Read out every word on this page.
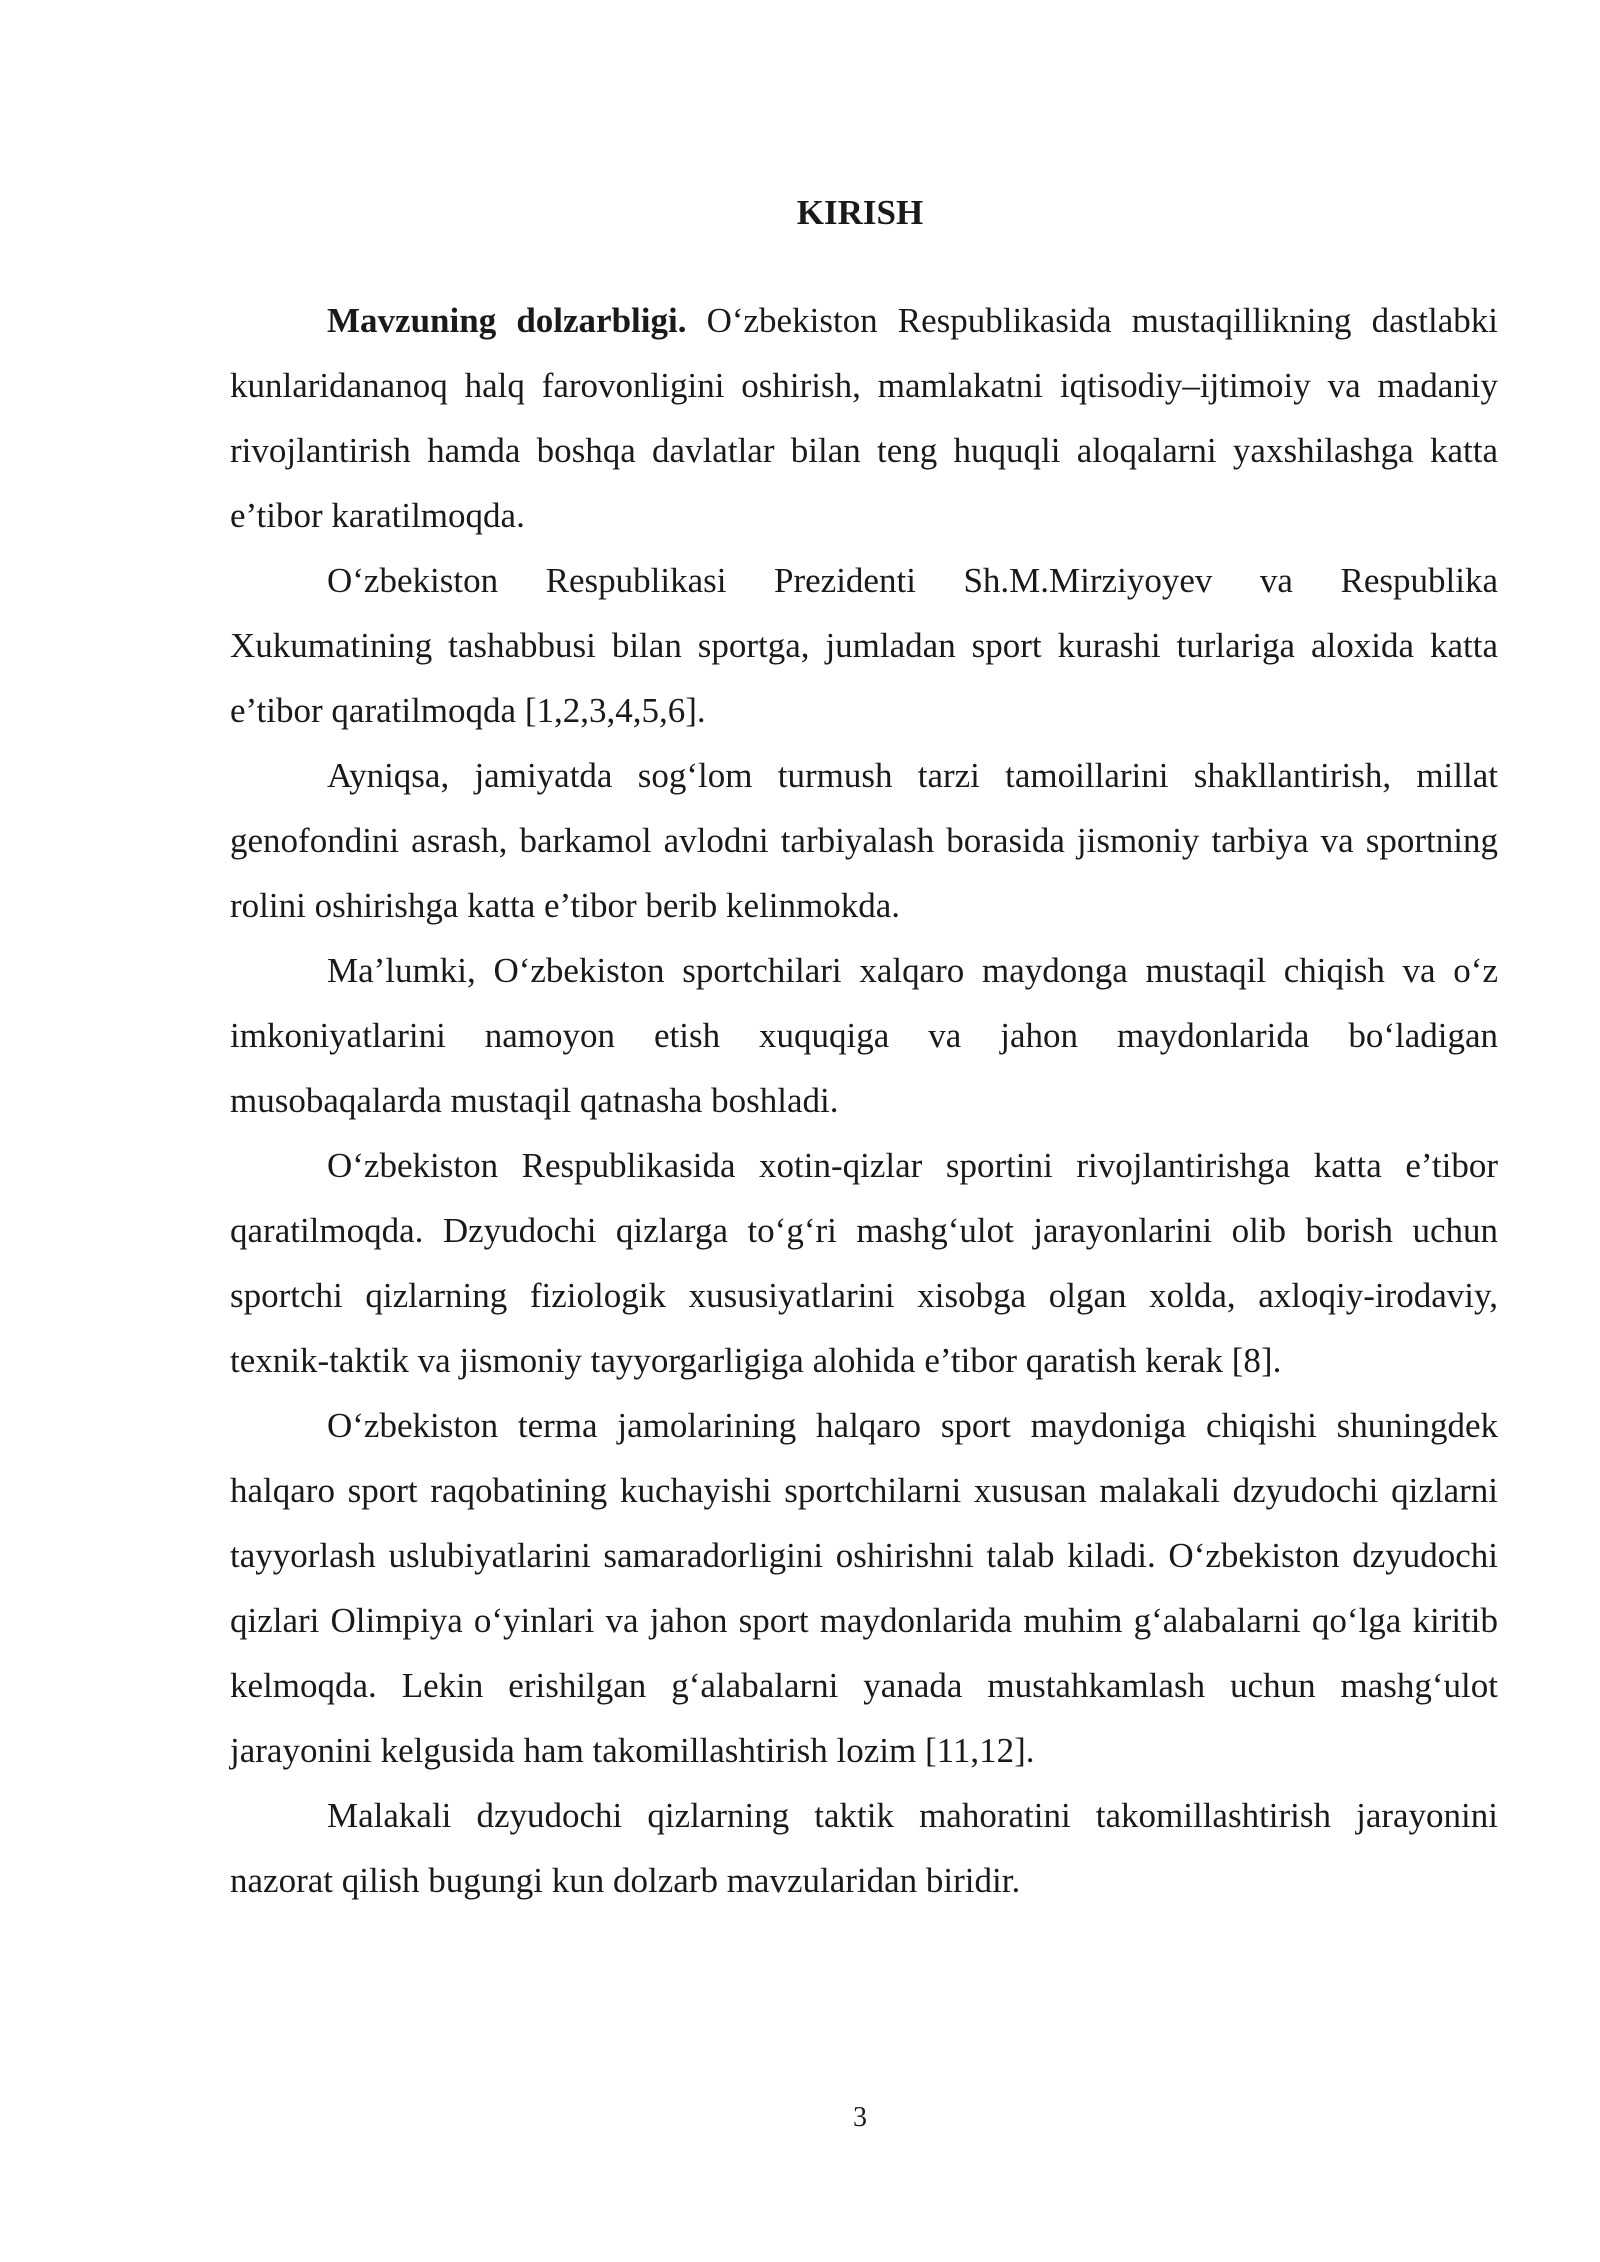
KIRISH

Mavzuning dolzarbligi. O‘zbekiston Respublikasida mustaqillikning dastlabki kunlaridananoq halq farovonligini oshirish, mamlakatni iqtisodiy–ijtimoiy va madaniy rivojlantirish hamda boshqa davlatlar bilan teng huquqli aloqalarni yaxshilashga katta e’tibor karatilmoqda.

O‘zbekiston Respublikasi Prezidenti Sh.M.Mirziyoyev va Respublika Xukumatining tashabbusi bilan sportga, jumladan sport kurashi turlariga aloxida katta e’tibor qaratilmoqda [1,2,3,4,5,6].

Ayniqsa, jamiyatda sog‘lom turmush tarzi tamoillarini shakllantirish, millat genofondini asrash, barkamol avlodni tarbiyalash borasida jismoniy tarbiya va sportning rolini oshirishga katta e’tibor berib kelinmokda.

Ma’lumki, O‘zbekiston sportchilari xalqaro maydonga mustaqil chiqish va o‘z imkoniyatlarini namoyon etish xuquqiga va jahon maydonlarida bo‘ladigan musobaqalarda mustaqil qatnasha boshladi.

O‘zbekiston Respublikasida xotin-qizlar sportini rivojlantirishga katta e’tibor qaratilmoqda. Dzyudochi qizlarga to‘g‘ri mashg‘ulot jarayonlarini olib borish uchun sportchi qizlarning fiziologik xususiyatlarini xisobga olgan xolda, axloqiy-irodaviy, texnik-taktik va jismoniy tayyorgarligiga alohida e’tibor qaratish kerak [8].

O‘zbekiston terma jamolarining halqaro sport maydoniga chiqishi shuningdek halqaro sport raqobatining kuchayishi sportchilarni xususan malakali dzyudochi qizlarni tayyorlash uslubiyatlarini samaradorligini oshirishni talab kiladi. O‘zbekiston dzyudochi qizlari Olimpiya o‘yinlari va jahon sport maydonlarida muhim g‘alabalarni qo‘lga kiritib kelmoqda. Lekin erishilgan g‘alabalarni yanada mustahkamlash uchun mashg‘ulot jarayonini kelgusida ham takomillashtirish lozim [11,12].

Malakali dzyudochi qizlarning taktik mahoratini takomillashtirish jarayonini nazorat qilish bugungi kun dolzarb mavzularidan biridir.

3
